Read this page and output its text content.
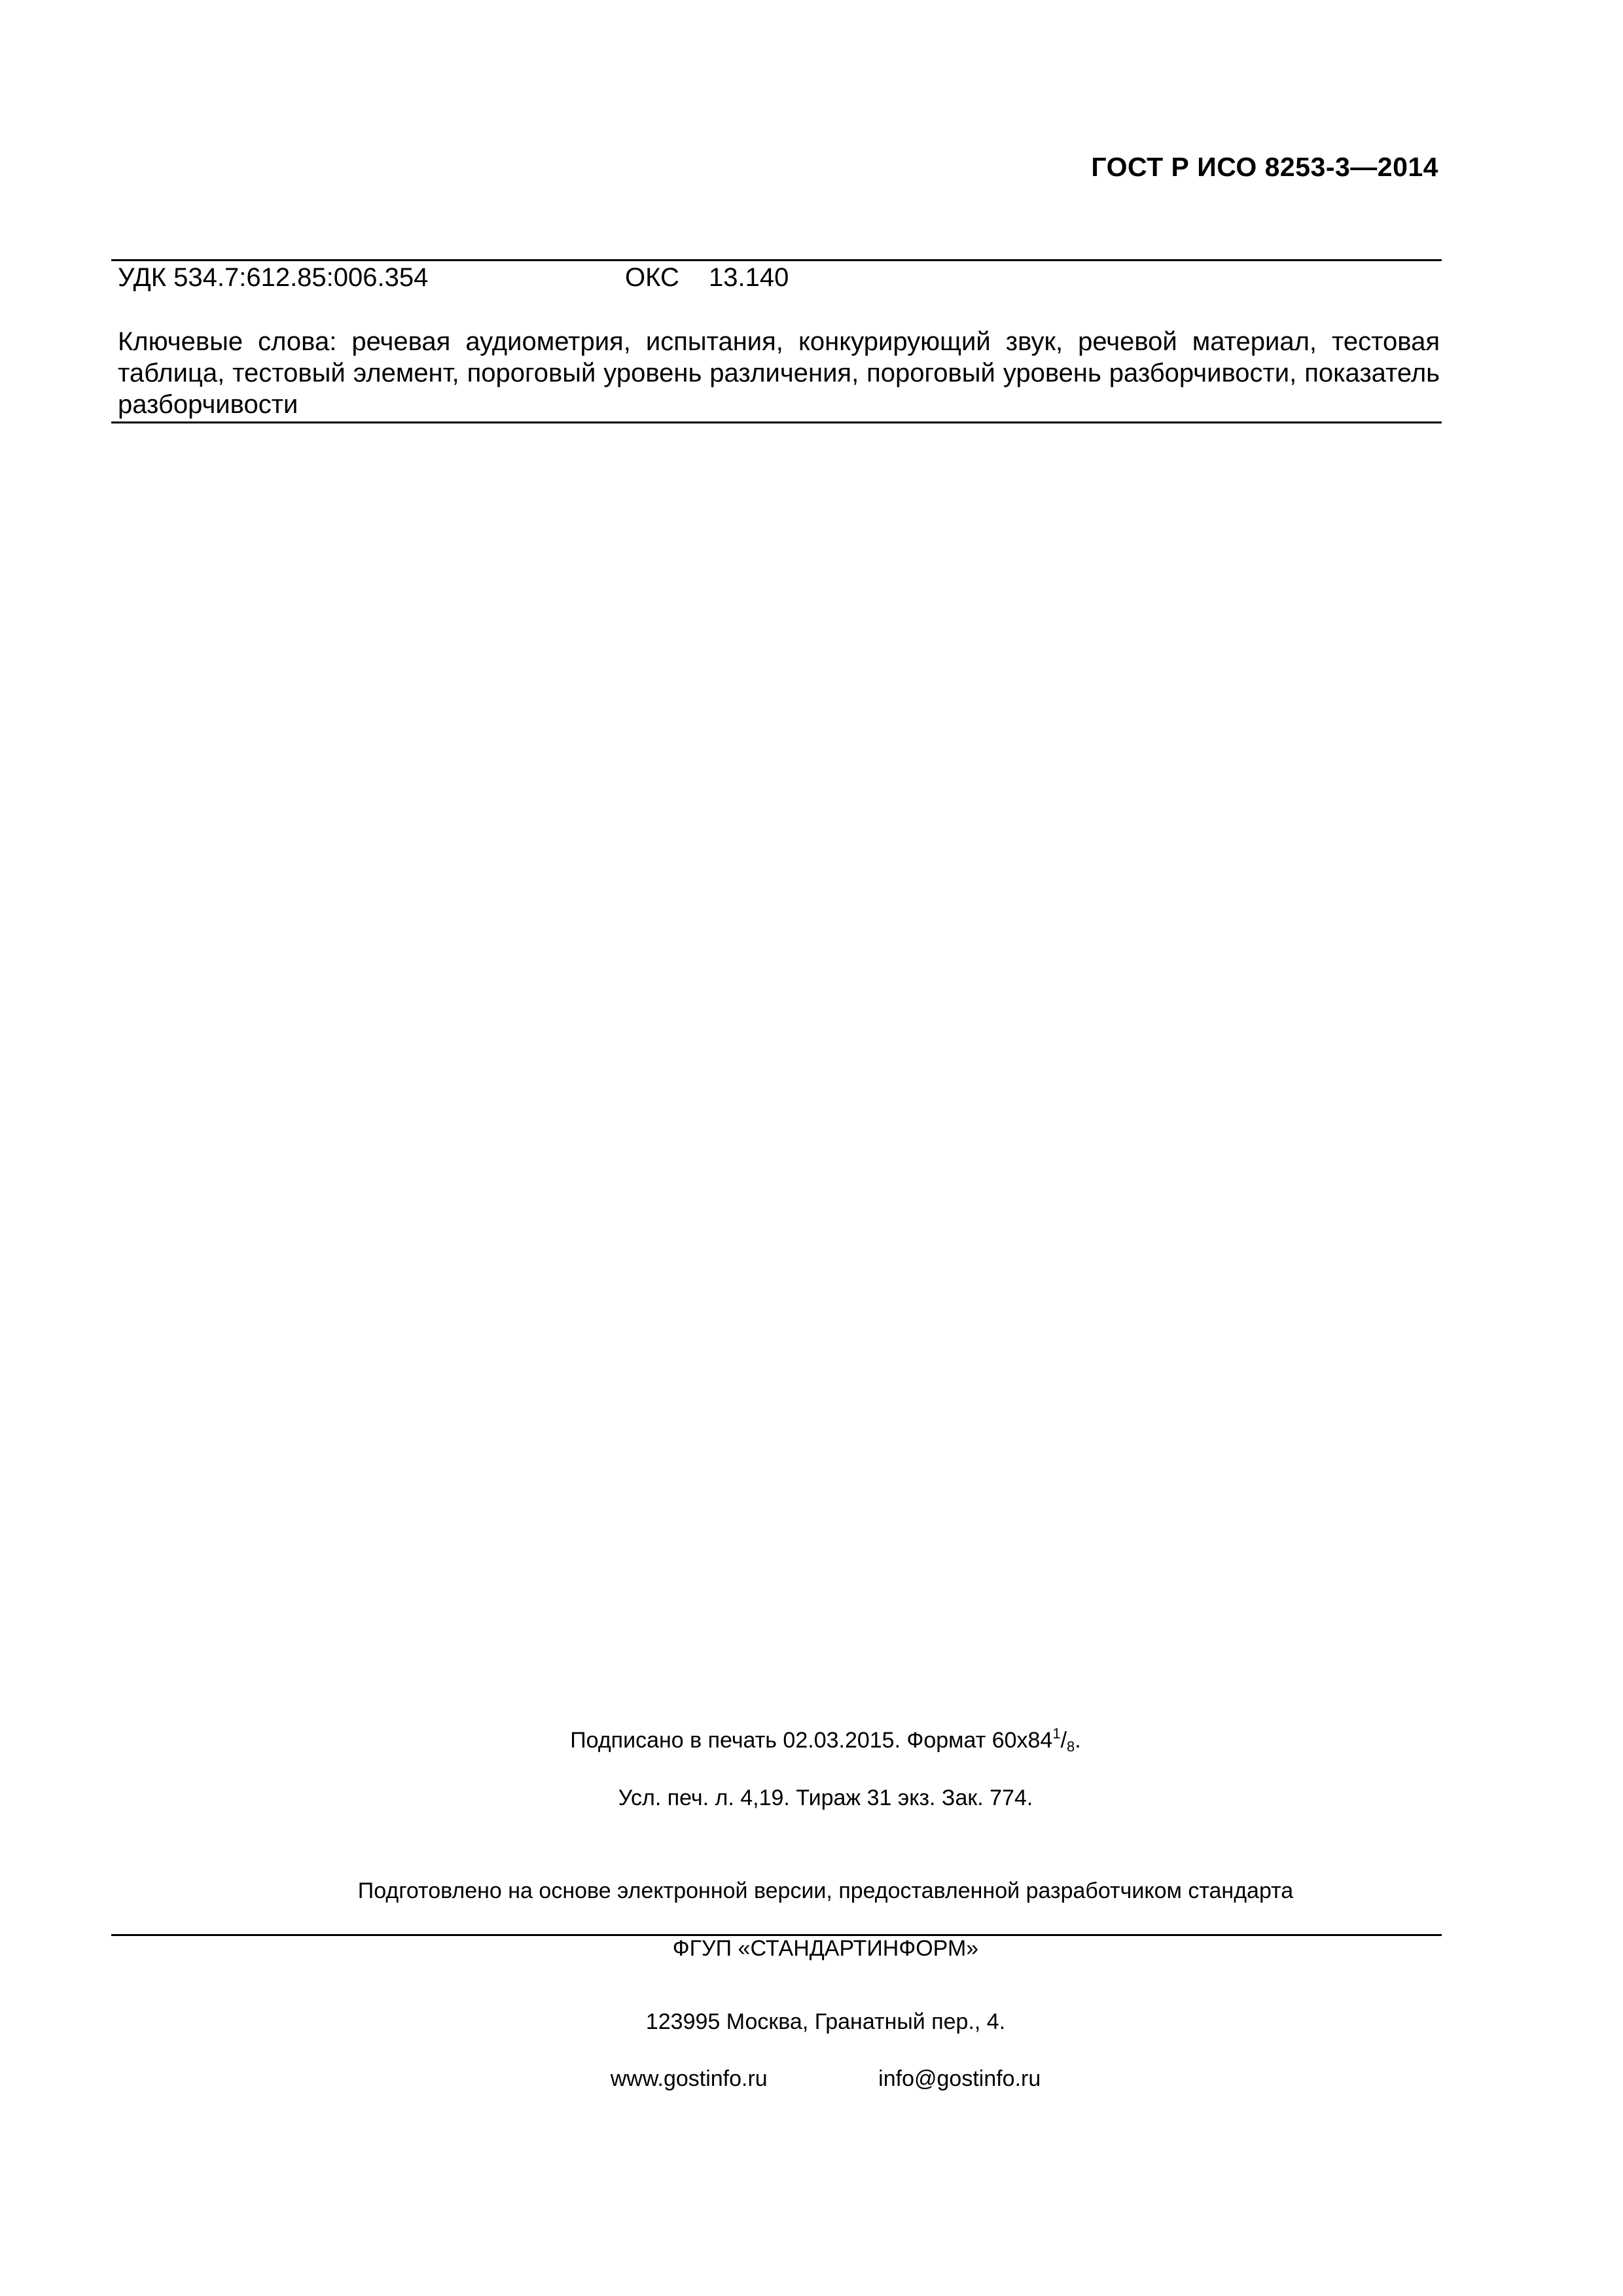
ГОСТ Р ИСО 8253-3—2014
УДК 534.7:612.85:006.354	ОКС 13.140
Ключевые слова: речевая аудиометрия, испытания, конкурирующий звук, речевой материал, тестовая таблица, тестовый элемент, пороговый уровень различения, пороговый уровень разборчивости, показатель разборчивости
Подписано в печать 02.03.2015. Формат $60x84^1/_8$.
Усл. печ. л. 4,19. Тираж 31 экз. Зак. 774.
Подготовлено на основе электронной версии, предоставленной разработчиком стандарта
ФГУП «СТАНДАРТИНФОРМ»
123995 Москва, Гранатный пер., 4.
www.gostinfo.ru	info@gostinfo.ru
